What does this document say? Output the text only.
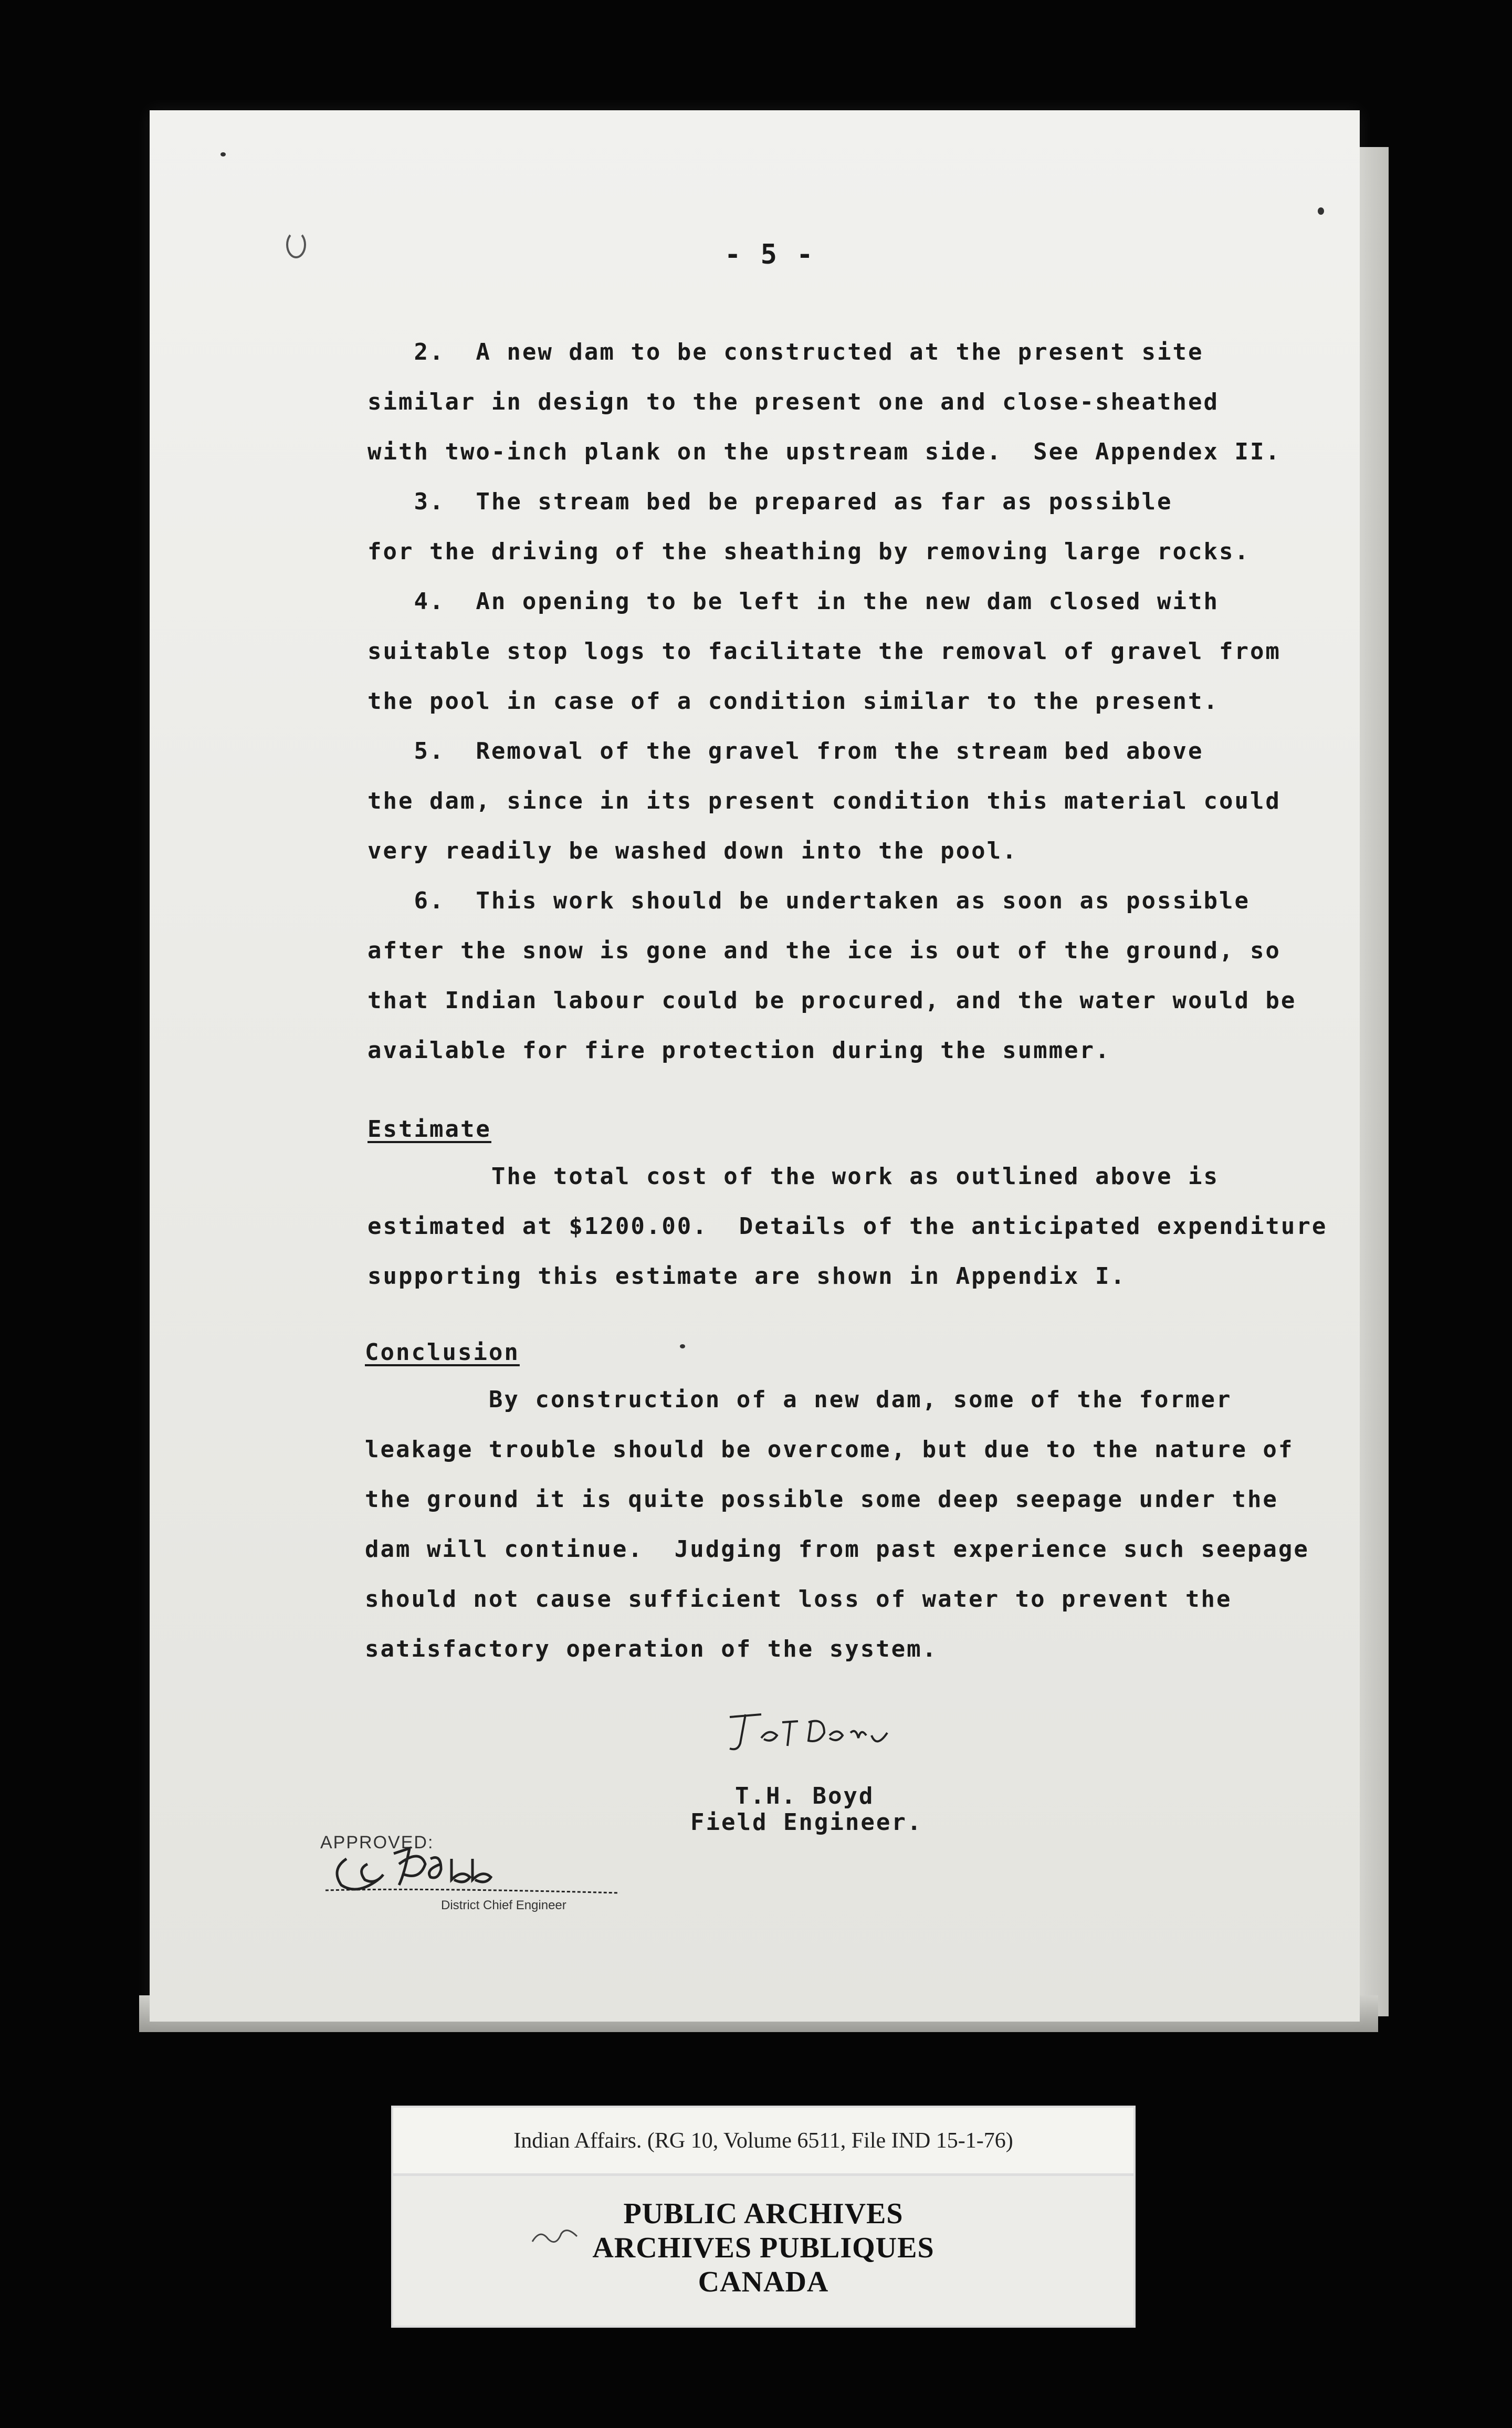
- 5 -
2.  A new dam to be constructed at the present site
similar in design to the present one and close-sheathed
with two-inch plank on the upstream side.  See Appendex II.
3.  The stream bed be prepared as far as possible
for the driving of the sheathing by removing large rocks.
4.  An opening to be left in the new dam closed with
suitable stop logs to facilitate the removal of gravel from
the pool in case of a condition similar to the present.
5.  Removal of the gravel from the stream bed above
the dam, since in its present condition this material could
very readily be washed down into the pool.
6.  This work should be undertaken as soon as possible
after the snow is gone and the ice is out of the ground, so
that Indian labour could be procured, and the water would be
available for fire protection during the summer.
Estimate
The total cost of the work as outlined above is
estimated at $1200.00.  Details of the anticipated expenditure
supporting this estimate are shown in Appendix I.
Conclusion
By construction of a new dam, some of the former
leakage trouble should be overcome, but due to the nature of
the ground it is quite possible some deep seepage under the
dam will continue.  Judging from past experience such seepage
should not cause sufficient loss of water to prevent the
satisfactory operation of the system.
T.H. Boyd
Field Engineer.
APPROVED:
District Chief Engineer
Indian Affairs. (RG 10, Volume 6511, File IND 15-1-76)
PUBLIC ARCHIVES
ARCHIVES PUBLIQUES
CANADA
